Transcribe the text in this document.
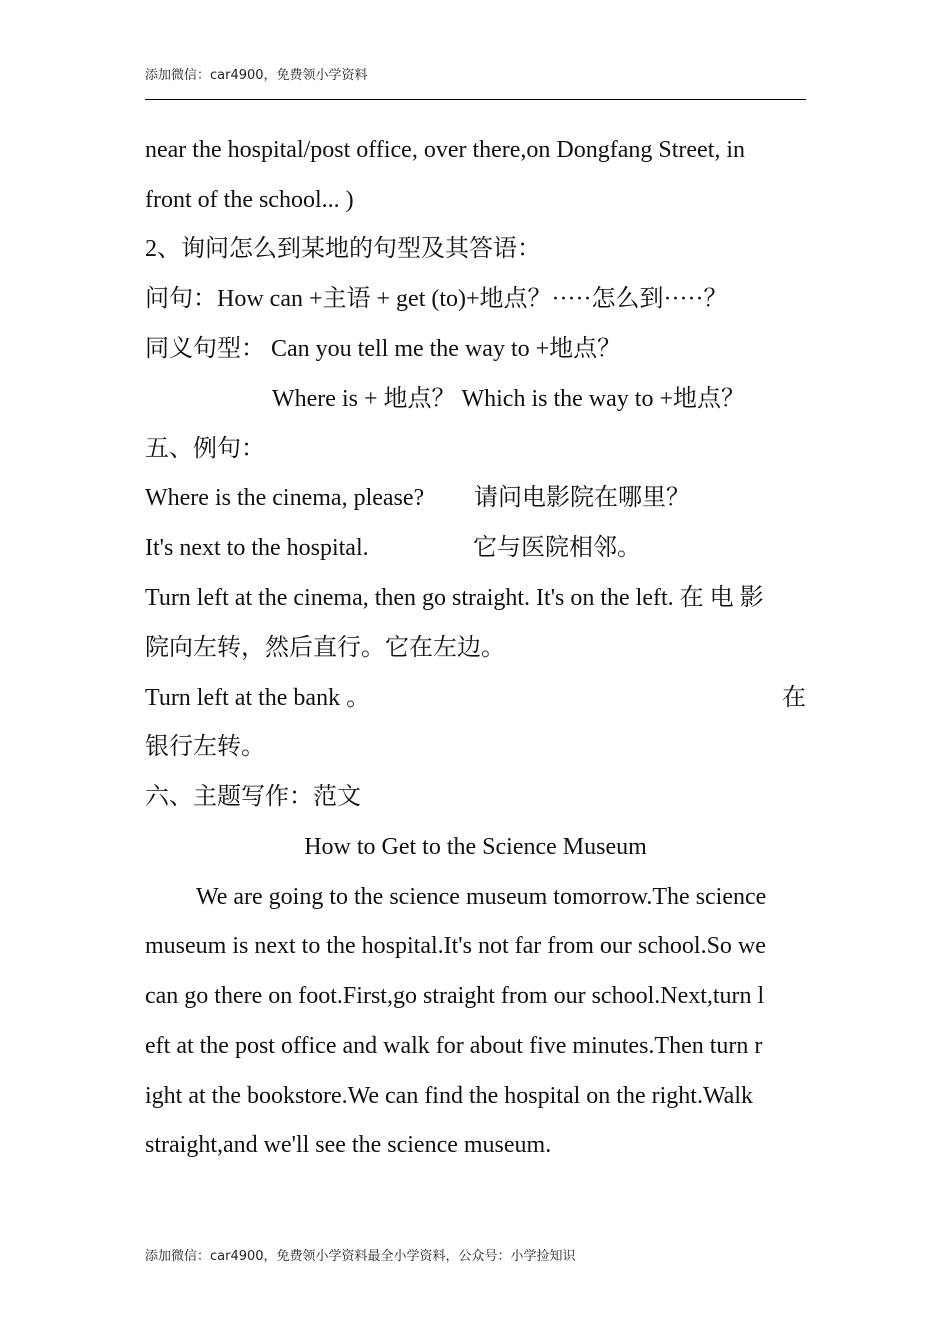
添加微信：car4900，免费领小学资料
near the hospital/post office, over there,on Dongfang Street, in
front of the school... )
2、询问怎么到某地的句型及其答语：
问句：How can +主语 + get (to)+地点？·····怎么到·····？
同义句型： Can you tell me the way to +地点？
Where is + 地点？ Which is the way to +地点？
五、例句：
Where is the cinema, please? 请问电影院在哪里？
It's next to the hospital.	它与医院相邻。
Turn left at the cinema, then go straight. It's on the left. 在 电 影
院向左转，然后直行。它在左边。
Turn left at the bank 。	在
银行左转。
六、主题写作：范文
How to Get to the Science Museum
We are going to the science museum tomorrow.The science
museum is next to the hospital.It's not far from our school.So we
can go there on foot.First,go straight from our school.Next,turn l
eft at the post office and walk for about five minutes.Then turn r
ight at the bookstore.We can find the hospital on the right.Walk
straight,and we'll see the science museum.
添加微信：car4900，免费领小学资料最全小学资料，公众号：小学捡知识
